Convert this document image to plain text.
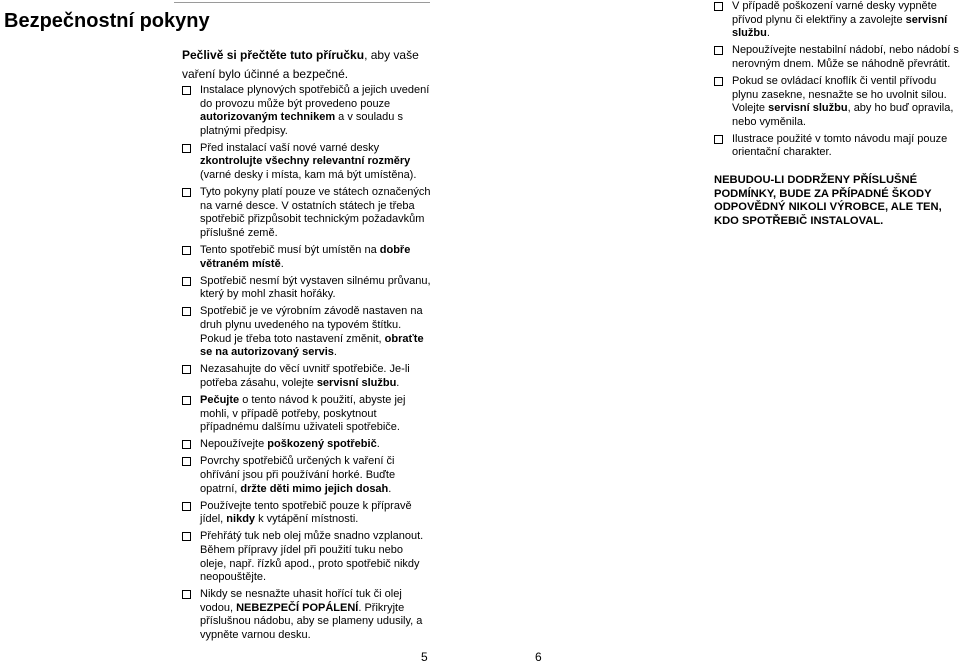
Bezpečnostní pokyny

Pečlivě si přečtěte tuto příručku, aby vaše vaření bylo účinné a bezpečné.

Instalace plynových spotřebičů a jejich uvedení do provozu může být provedeno pouze autorizovaným technikem a v souladu s platnými předpisy.
Před instalací vaší nové varné desky zkontrolujte všechny relevantní rozměry (varné desky i místa, kam má být umístěna).
Tyto pokyny platí pouze ve státech označených na varné desce. V ostatních státech je třeba spotřebič přizpůsobit technickým požadavkům příslušné země.
Tento spotřebič musí být umístěn na dobře větraném místě.
Spotřebič nesmí být vystaven silnému průvanu, který by mohl zhasit hořáky.
Spotřebič je ve výrobním závodě nastaven na druh plynu uvedeného na typovém štítku. Pokud je třeba toto nastavení změnit, obraťte se na autorizovaný servis.
Nezasahujte do věcí uvnitř spotřebiče. Je-li potřeba zásahu, volejte servisní službu.
Pečujte o tento návod k použití, abyste jej mohli, v případě potřeby, poskytnout případnému dalšímu uživateli spotřebiče.
Nepoužívejte poškozený spotřebič.
Povrchy spotřebičů určených k vaření či ohřívání jsou při používání horké. Buďte opatrní, držte děti mimo jejich dosah.
Používejte tento spotřebič pouze k přípravě jídel, nikdy k vytápění místnosti.
Přehřátý tuk neb olej může snadno vzplanout. Během přípravy jídel při použití tuku nebo oleje, např. řízků apod., proto spotřebič nikdy neopouštějte.
Nikdy se nesnažte uhasit hořící tuk či olej vodou, NEBEZPEČÍ POPÁLENÍ. Přikryjte příslušnou nádobu, aby se plameny udusily, a vypněte varnou desku.
V případě poškození varné desky vypněte přívod plynu či elektřiny a zavolejte servisní službu.
Nepoužívejte nestabilní nádobí, nebo nádobí s nerovným dnem. Může se náhodně převrátit.
Pokud se ovládací knoflík či ventil přívodu plynu zasekne, nesnažte se ho uvolnit silou. Volejte servisní službu, aby ho buď opravila, nebo vyměnila.
Ilustrace použité v tomto návodu mají pouze orientační charakter.

NEBUDOU-LI DODRŽENY PŘÍSLUŠNÉ PODMÍNKY, BUDE ZA PŘÍPADNÉ ŠKODY ODPOVĚDNÝ NIKOLI VÝROBCE, ALE TEN, KDO SPOTŘEBIČ INSTALOVAL.

5	6
